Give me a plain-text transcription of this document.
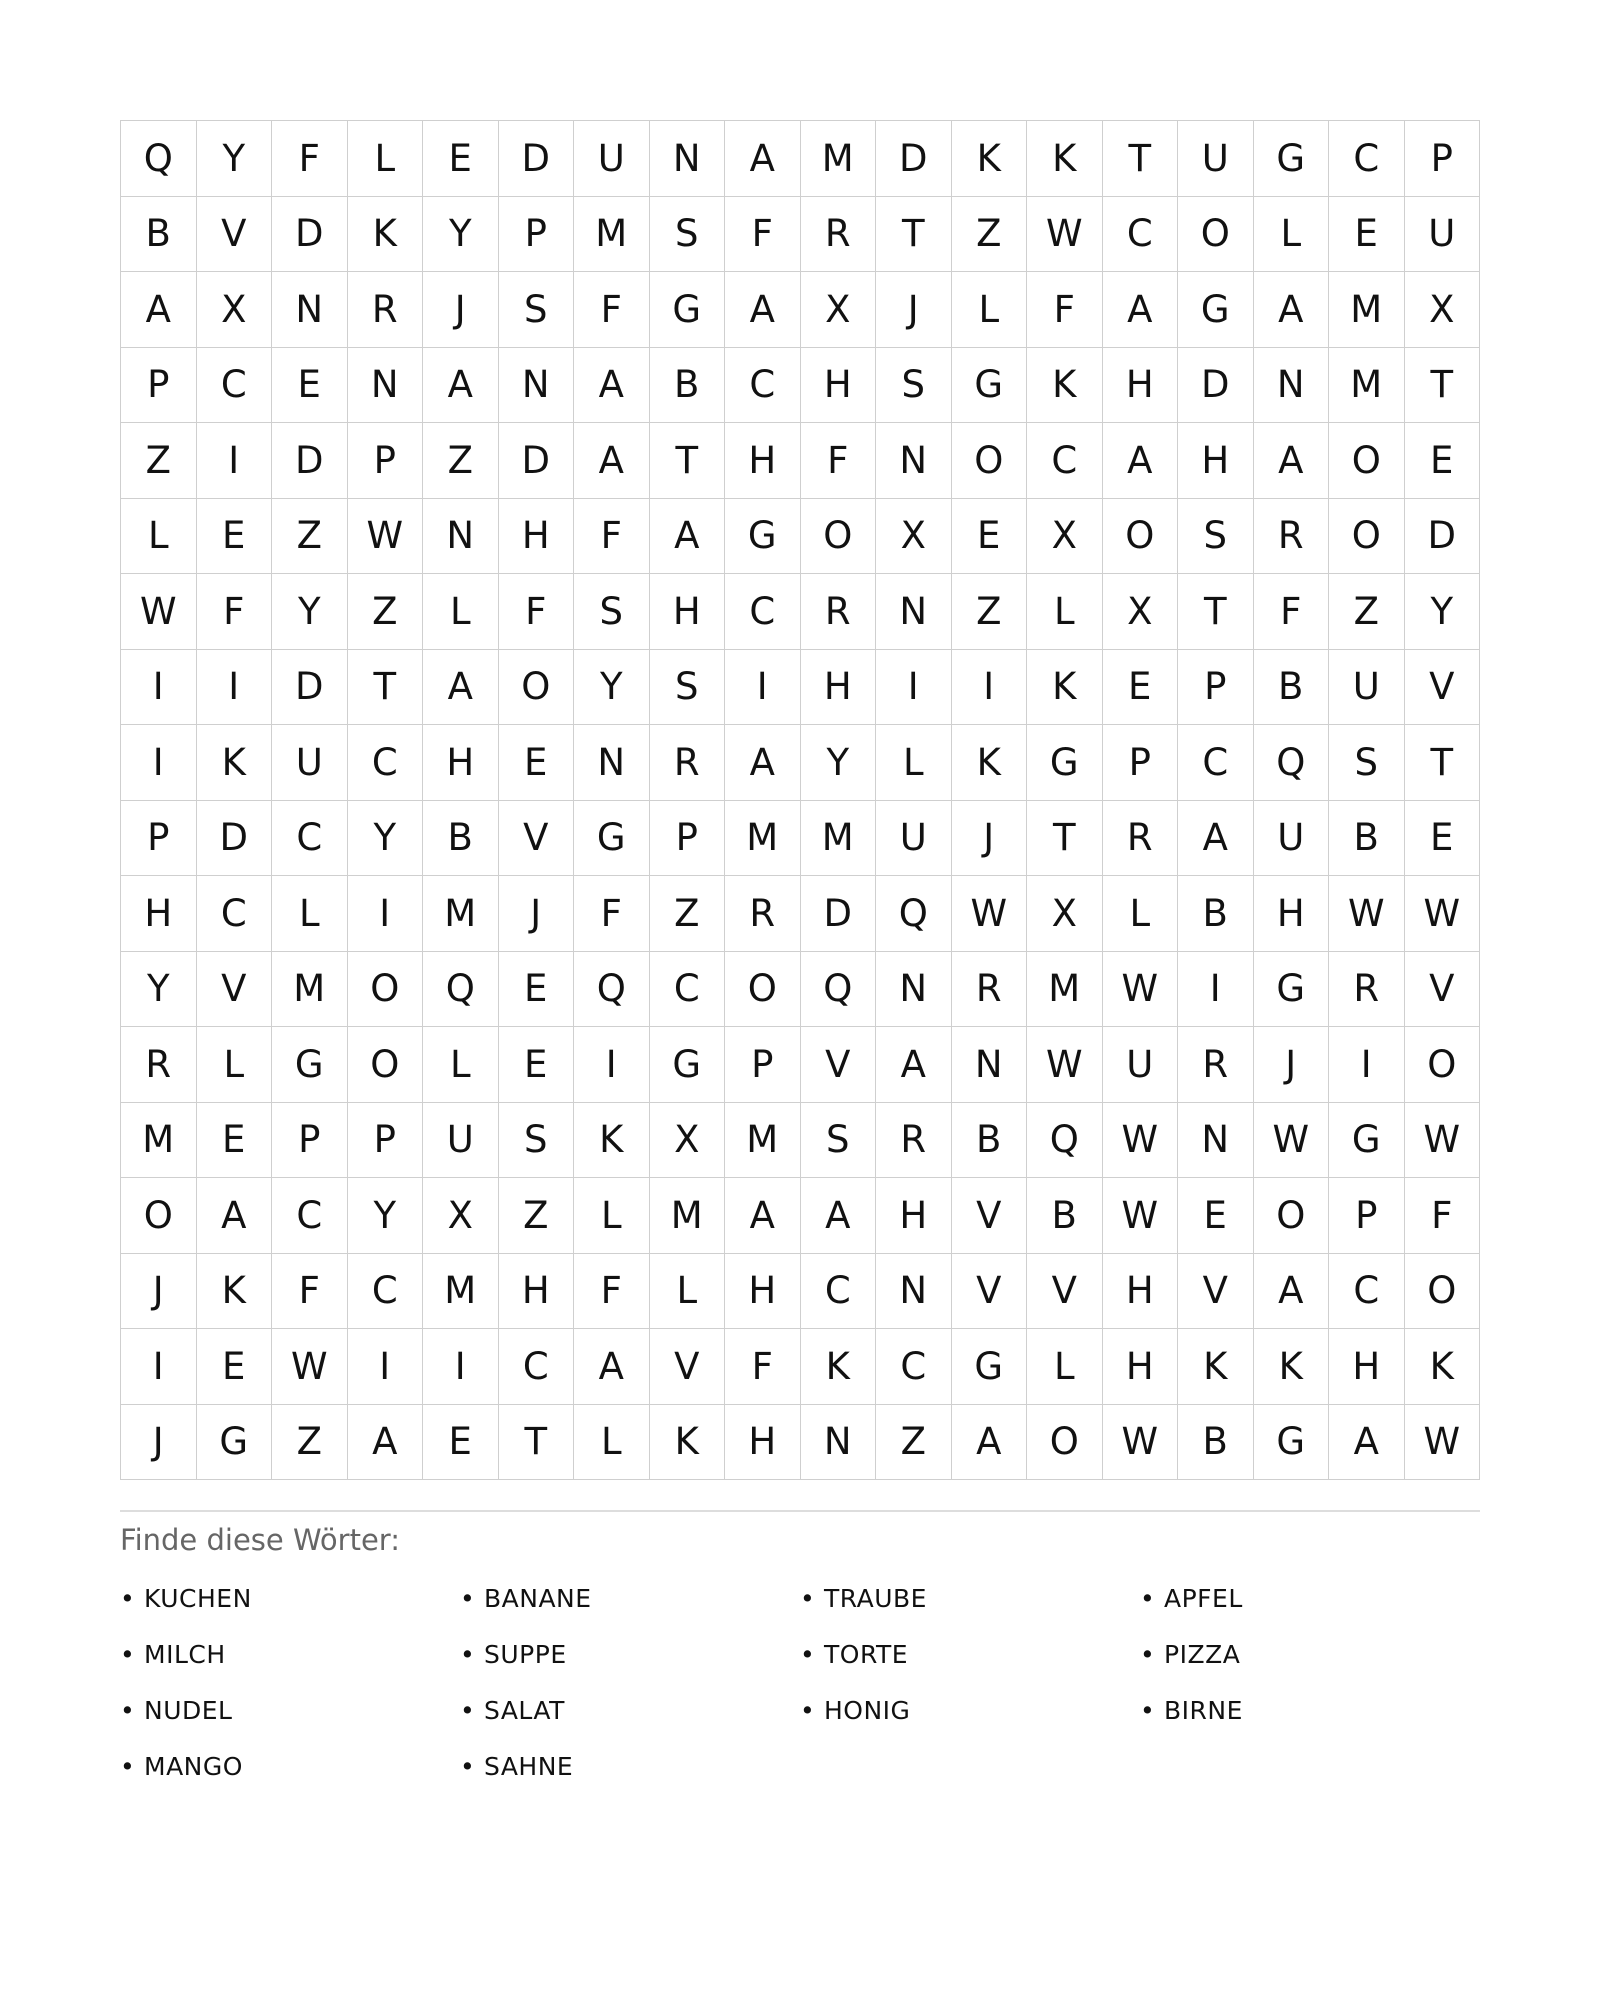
Q	Y	F	L	E	D	U	N	A	M	D	K	K	T	U	G	C	P
B	V	D	K	Y	P	M	S	F	R	T	Z	W	C	O	L	E	U
A	X	N	R	J	S	F	G	A	X	J	L	F	A	G	A	M	X
P	C	E	N	A	N	A	B	C	H	S	G	K	H	D	N	M	T
Z	I	D	P	Z	D	A	T	H	F	N	O	C	A	H	A	O	E
L	E	Z	W	N	H	F	A	G	O	X	E	X	O	S	R	O	D
W	F	Y	Z	L	F	S	H	C	R	N	Z	L	X	T	F	Z	Y
I	I	D	T	A	O	Y	S	I	H	I	I	K	E	P	B	U	V
I	K	U	C	H	E	N	R	A	Y	L	K	G	P	C	Q	S	T
P	D	C	Y	B	V	G	P	M	M	U	J	T	R	A	U	B	E
H	C	L	I	M	J	F	Z	R	D	Q	W	X	L	B	H	W	W
Y	V	M	O	Q	E	Q	C	O	Q	N	R	M	W	I	G	R	V
R	L	G	O	L	E	I	G	P	V	A	N	W	U	R	J	I	O
M	E	P	P	U	S	K	X	M	S	R	B	Q	W	N	W	G	W
O	A	C	Y	X	Z	L	M	A	A	H	V	B	W	E	O	P	F
J	K	F	C	M	H	F	L	H	C	N	V	V	H	V	A	C	O
I	E	W	I	I	C	A	V	F	K	C	G	L	H	K	K	H	K
J	G	Z	A	E	T	L	K	H	N	Z	A	O	W	B	G	A	W
Finde diese Wörter:
• KUCHEN	• BANANE	• TRAUBE	• APFEL
• MILCH	• SUPPE	• TORTE	• PIZZA
• NUDEL	• SALAT	• HONIG	• BIRNE
• MANGO	• SAHNE
